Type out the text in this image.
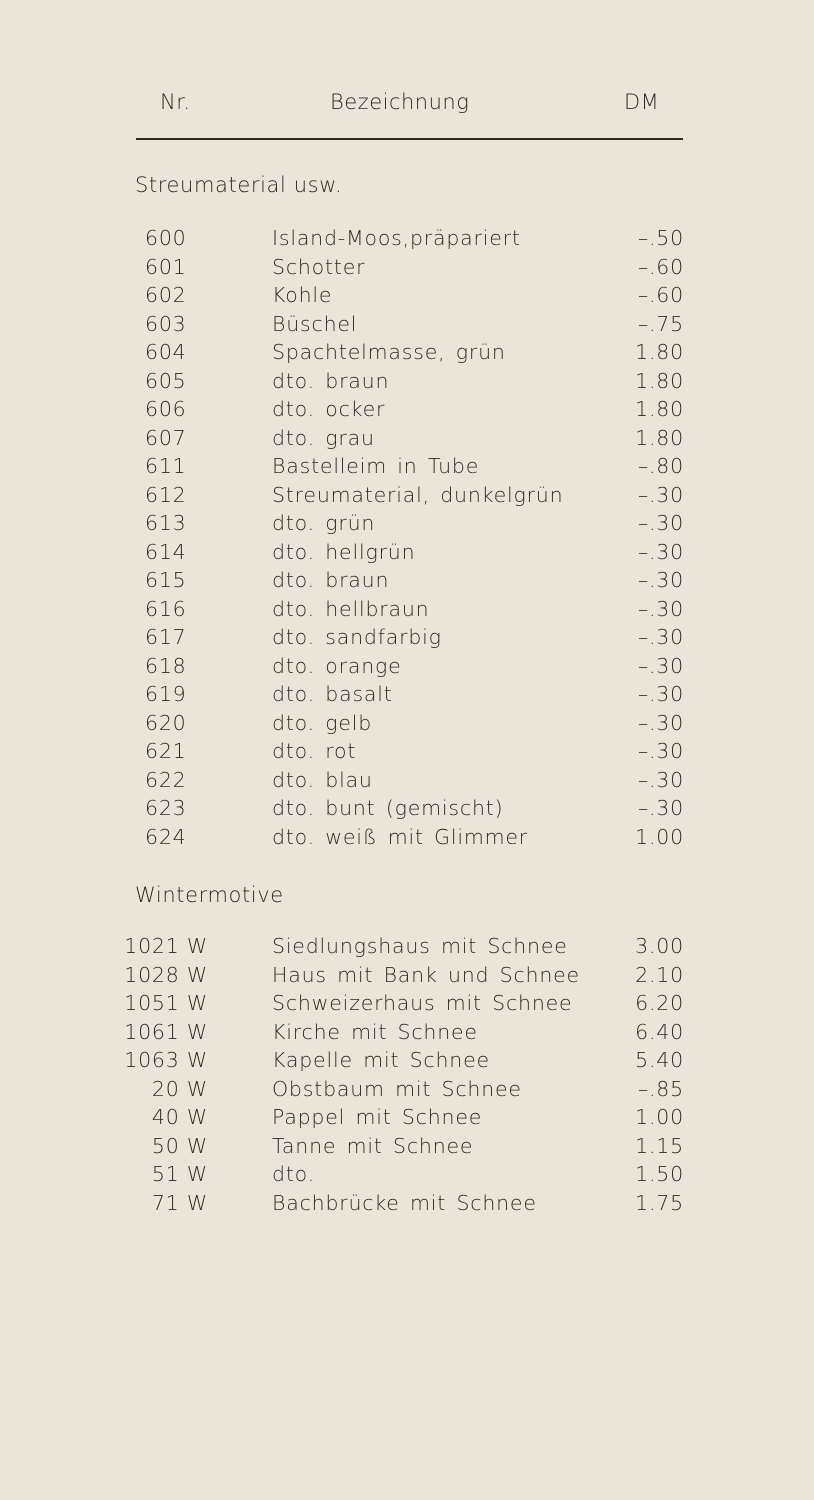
Nr.	Bezeichnung	DM
Streumaterial usw.
600	Island-Moos,präpariert	–.50
601	Schotter	–.60
602	Kohle	–.60
603	Büschel	–.75
604	Spachtelmasse, grün	1.80
605	dto. braun	1.80
606	dto. ocker	1.80
607	dto. grau	1.80
611	Bastelleim in Tube	–.80
612	Streumaterial, dunkelgrün	–.30
613	dto. grün	–.30
614	dto. hellgrün	–.30
615	dto. braun	–.30
616	dto. hellbraun	–.30
617	dto. sandfarbig	–.30
618	dto. orange	–.30
619	dto. basalt	–.30
620	dto. gelb	–.30
621	dto. rot	–.30
622	dto. blau	–.30
623	dto. bunt (gemischt)	–.30
624	dto. weiß mit Glimmer	1.00
Wintermotive
1021 W	Siedlungshaus mit Schnee	3.00
1028 W	Haus mit Bank und Schnee	2.10
1051 W	Schweizerhaus mit Schnee	6.20
1061 W	Kirche mit Schnee	6.40
1063 W	Kapelle mit Schnee	5.40
20 W	Obstbaum mit Schnee	–.85
40 W	Pappel mit Schnee	1.00
50 W	Tanne mit Schnee	1.15
51 W	dto.	1.50
71 W	Bachbrücke mit Schnee	1.75
